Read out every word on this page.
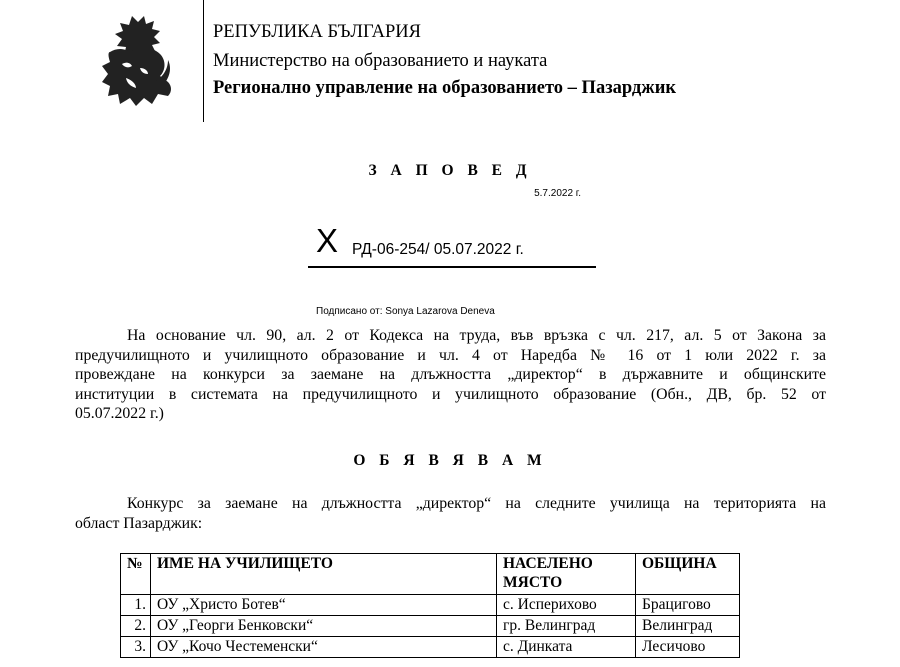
РЕПУБЛИКА БЪЛГАРИЯ
Министерство на образованието и науката
Регионално управление на образованието – Пазарджик
З А П О В Е Д
5.7.2022 г.
X РД-06-254/ 05.07.2022 г.
Подписано от: Sonya Lazarova Deneva
На основание чл. 90, ал. 2 от Кодекса на труда, във връзка с чл. 217, ал. 5 от Закона за
предучилищното и училищното образование и чл. 4 от Наредба № 16 от 1 юли 2022 г. за
провеждане на конкурси за заемане на длъжността „директор“ в държавните и общинските
институции в системата на предучилищното и училищното образование (Обн., ДВ, бр. 52 от
05.07.2022 г.)
О Б Я В Я В А М
Конкурс за заемане на длъжността „директор“ на следните училища на територията на
област Пазарджик:
№	ИМЕ НА УЧИЛИЩЕТО	НАСЕЛЕНО МЯСТО	ОБЩИНА
1.	ОУ „Христо Ботев“	с. Исперихово	Брацигово
2.	ОУ „Георги Бенковски“	гр. Велинград	Велинград
3.	ОУ „Кочо Честеменски“	с. Динката	Лесичово
